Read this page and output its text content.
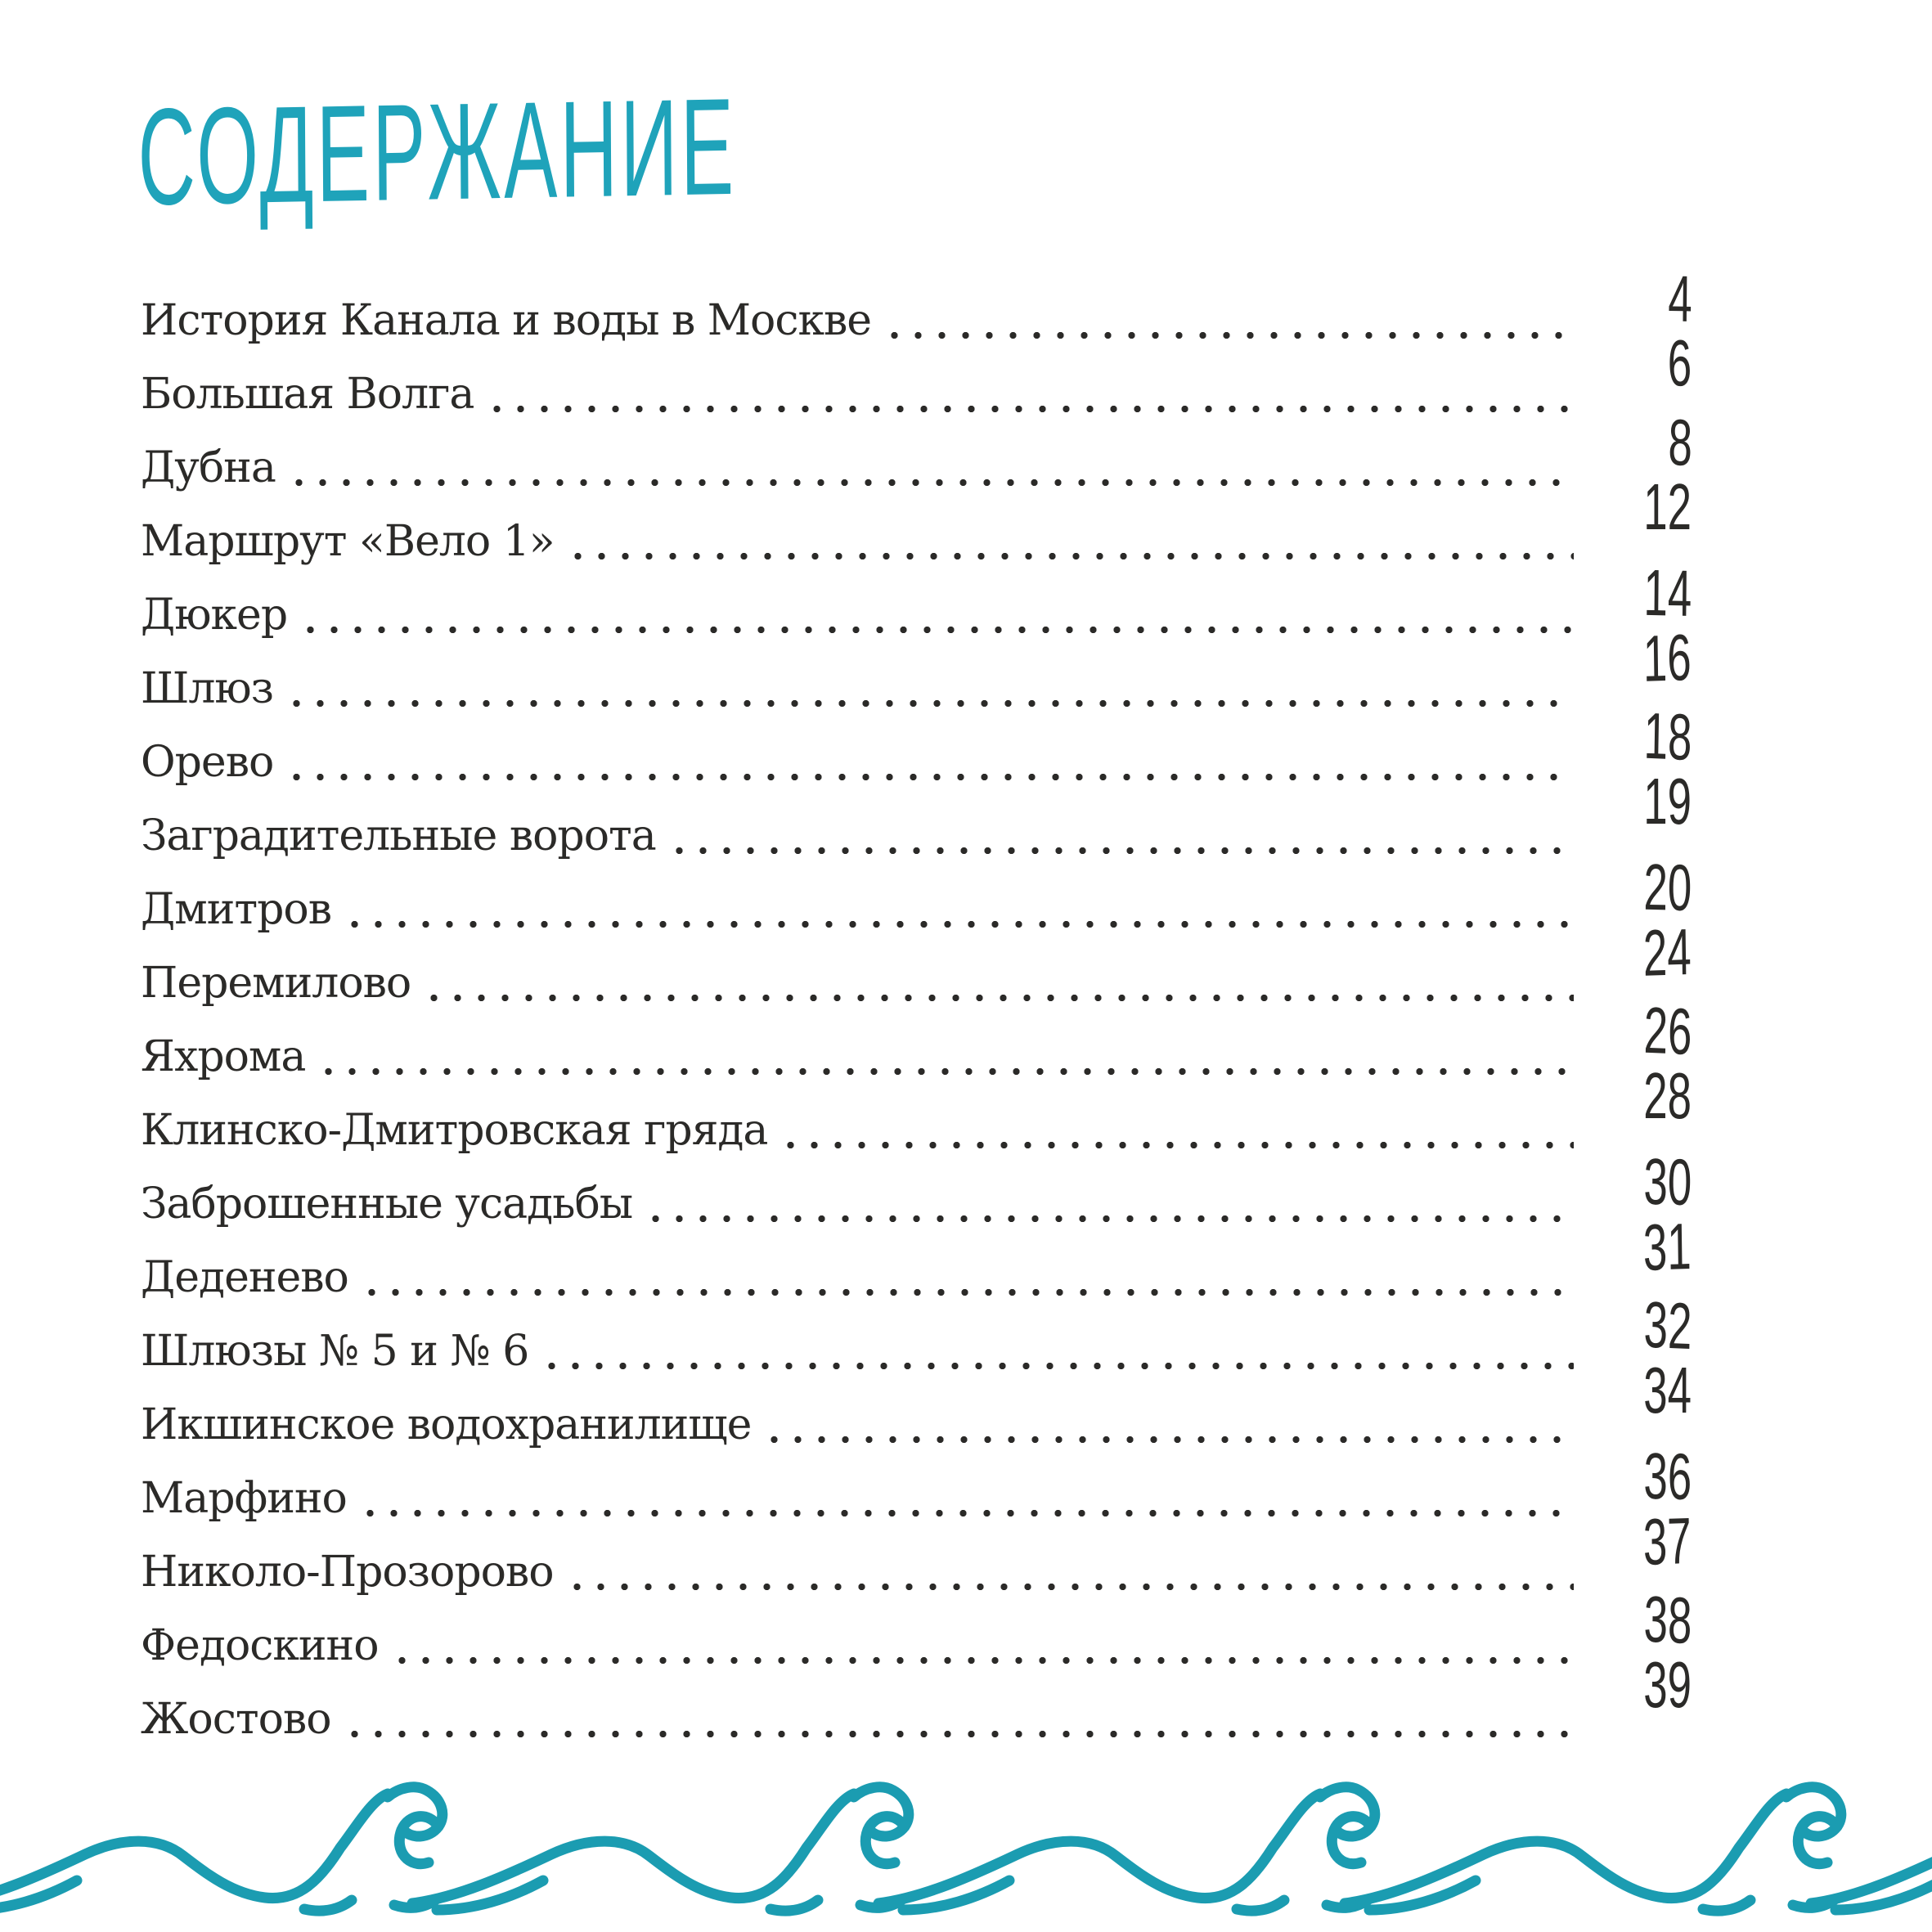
СОДЕРЖАНИЕ
История Канала и воды в Москве	4
Большая Волга	6
Дубна	8
Маршрут «Вело 1»	12
Дюкер	14
Шлюз	16
Орево	18
Заградительные ворота	19
Дмитров	20
Перемилово	24
Яхрома	26
Клинско-Дмитровская гряда	28
Заброшенные усадьбы	30
Деденево	31
Шлюзы № 5 и № 6	32
Икшинское водохранилище	34
Марфино	36
Николо-Прозорово	37
Федоскино	38
Жостово	39
